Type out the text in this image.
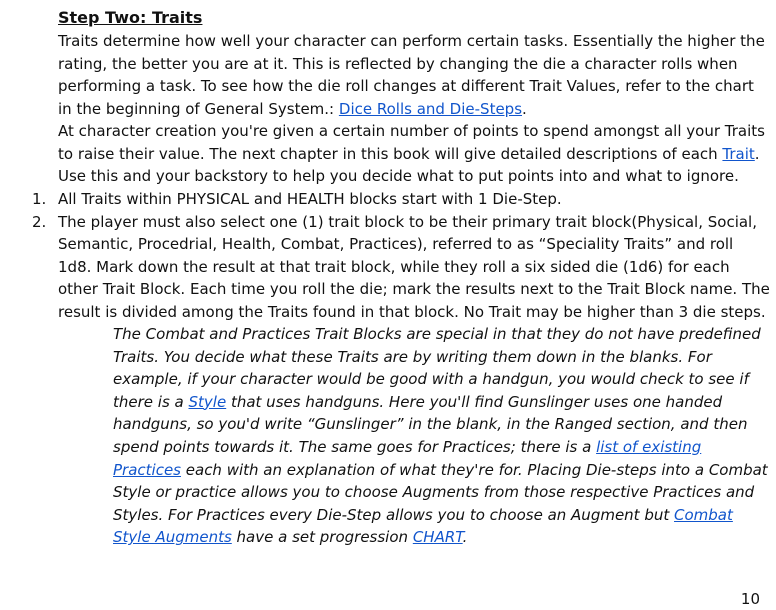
Step Two: Traits
Traits determine how well your character can perform certain tasks. Essentially the higher the rating, the better you are at it. This is reflected by changing the die a character rolls when performing a task. To see how the die roll changes at different Trait Values, refer to the chart in the beginning of General System.: Dice Rolls and Die-Steps.
At character creation you're given a certain number of points to spend amongst all your Traits to raise their value. The next chapter in this book will give detailed descriptions of each Trait. Use this and your backstory to help you decide what to put points into and what to ignore.
1. All Traits within PHYSICAL and HEALTH blocks start with 1 Die-Step.
2. The player must also select one (1) trait block to be their primary trait block(Physical, Social, Semantic, Procedrial, Health, Combat, Practices), referred to as “Speciality Traits” and roll 1d8. Mark down the result at that trait block, while they roll a six sided die (1d6) for each other Trait Block. Each time you roll the die; mark the results next to the Trait Block name. The result is divided among the Traits found in that block. No Trait may be higher than 3 die steps.
The Combat and Practices Trait Blocks are special in that they do not have predefined Traits. You decide what these Traits are by writing them down in the blanks. For example, if your character would be good with a handgun, you would check to see if there is a Style that uses handguns. Here you'll find Gunslinger uses one handed handguns, so you'd write “Gunslinger” in the blank, in the Ranged section, and then spend points towards it. The same goes for Practices; there is a list of existing Practices each with an explanation of what they're for. Placing Die-steps into a Combat Style or practice allows you to choose Augments from those respective Practices and Styles. For Practices every Die-Step allows you to choose an Augment but Combat Style Augments have a set progression CHART.
10
